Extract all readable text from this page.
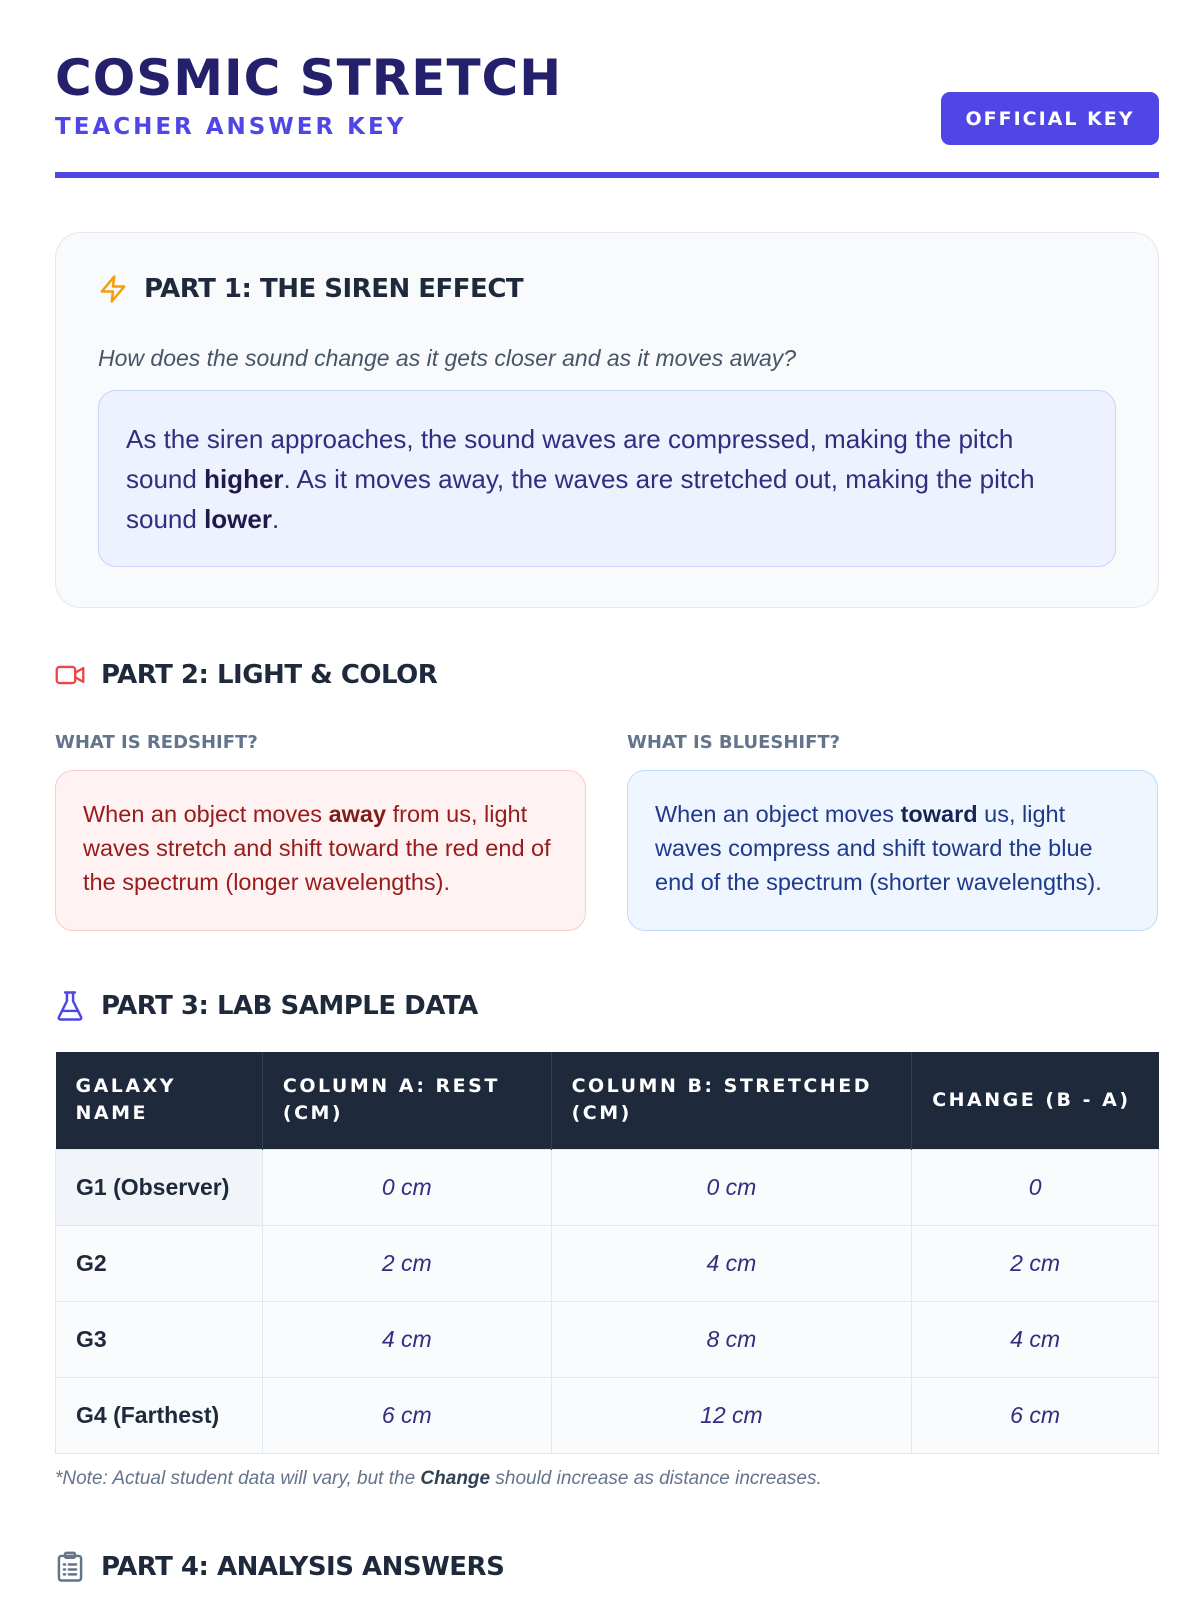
COSMIC STRETCH
TEACHER ANSWER KEY	OFFICIAL KEY
PART 1: THE SIREN EFFECT
How does the sound change as it gets closer and as it moves away?
As the siren approaches, the sound waves are compressed, making the pitch sound higher. As it moves away, the waves are stretched out, making the pitch sound lower.
PART 2: LIGHT & COLOR
WHAT IS REDSHIFT?	WHAT IS BLUESHIFT?
When an object moves away from us, light waves stretch and shift toward the red end of the spectrum (longer wavelengths).
When an object moves toward us, light waves compress and shift toward the blue end of the spectrum (shorter wavelengths).
PART 3: LAB SAMPLE DATA
GALAXY NAME	COLUMN A: REST (CM)	COLUMN B: STRETCHED (CM)	CHANGE (B - A)
G1 (Observer)	0 cm	0 cm	0
G2	2 cm	4 cm	2 cm
G3	4 cm	8 cm	4 cm
G4 (Farthest)	6 cm	12 cm	6 cm
*Note: Actual student data will vary, but the Change should increase as distance increases.
PART 4: ANALYSIS ANSWERS
